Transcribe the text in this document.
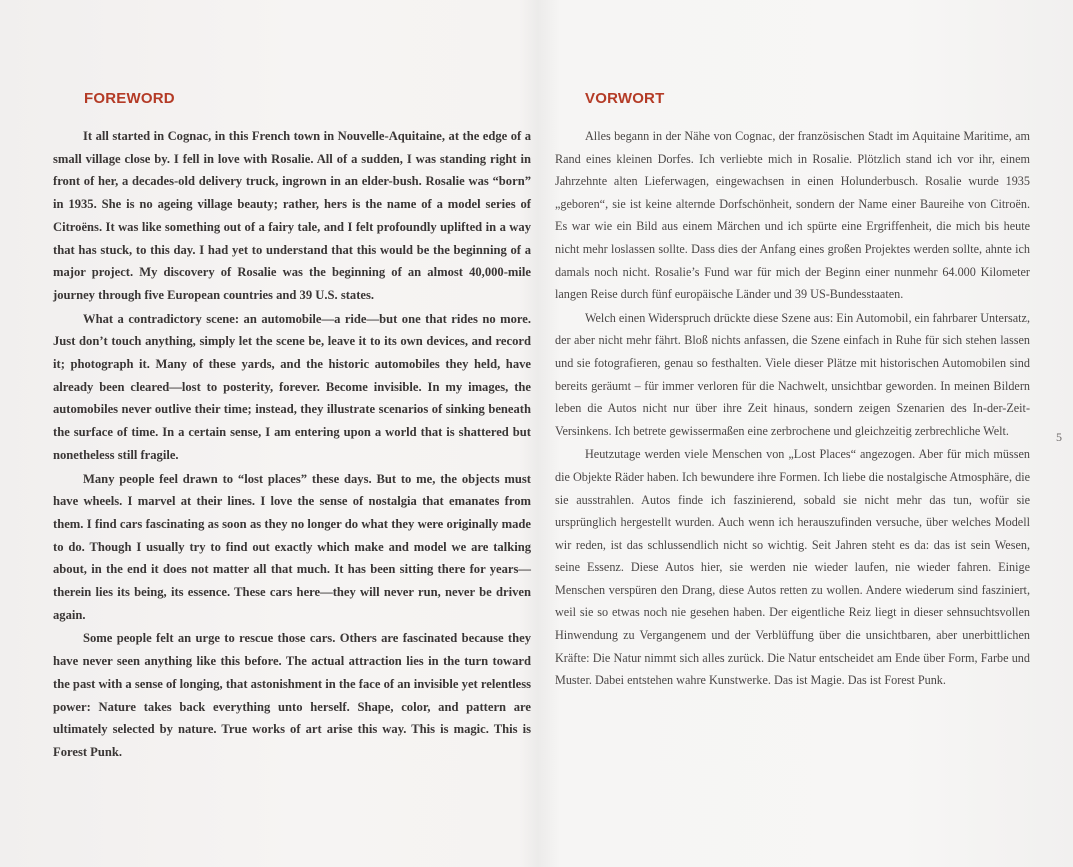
FOREWORD

It all started in Cognac, in this French town in Nouvelle-Aquitaine, at the edge of a small village close by. I fell in love with Rosalie. All of a sudden, I was standing right in front of her, a decades-old delivery truck, ingrown in an elder-bush. Rosalie was “born” in 1935. She is no ageing village beauty; rather, hers is the name of a model series of Citroëns. It was like something out of a fairy tale, and I felt profoundly uplifted in a way that has stuck, to this day. I had yet to understand that this would be the beginning of a major project. My discovery of Rosalie was the beginning of an almost 40,000-mile journey through five European countries and 39 U.S. states.

What a contradictory scene: an automobile—a ride—but one that rides no more. Just don’t touch anything, simply let the scene be, leave it to its own devices, and record it; photograph it. Many of these yards, and the historic automobiles they held, have already been cleared—lost to posterity, forever. Become invisible. In my images, the automobiles never outlive their time; instead, they illustrate scenarios of sinking beneath the surface of time. In a certain sense, I am entering upon a world that is shattered but nonetheless still fragile.

Many people feel drawn to “lost places” these days. But to me, the objects must have wheels. I marvel at their lines. I love the sense of nostalgia that emanates from them. I find cars fascinating as soon as they no longer do what they were originally made to do. Though I usually try to find out exactly which make and model we are talking about, in the end it does not matter all that much. It has been sitting there for years—therein lies its being, its essence. These cars here—they will never run, never be driven again.

Some people felt an urge to rescue those cars. Others are fascinated because they have never seen anything like this before. The actual attraction lies in the turn toward the past with a sense of longing, that astonishment in the face of an invisible yet relentless power: Nature takes back everything unto herself. Shape, color, and pattern are ultimately selected by nature. True works of art arise this way. This is magic. This is Forest Punk.

VORWORT

Alles begann in der Nähe von Cognac, der französischen Stadt im Aquitaine Maritime, am Rand eines kleinen Dorfes. Ich verliebte mich in Rosalie. Plötzlich stand ich vor ihr, einem Jahrzehnte alten Lieferwagen, eingewachsen in einen Holunderbusch. Rosalie wurde 1935 „geboren“, sie ist keine alternde Dorfschönheit, sondern der Name einer Baureihe von Citroën. Es war wie ein Bild aus einem Märchen und ich spürte eine Ergriffenheit, die mich bis heute nicht mehr loslassen sollte. Dass dies der Anfang eines großen Projektes werden sollte, ahnte ich damals noch nicht. Rosalie’s Fund war für mich der Beginn einer nunmehr 64.000 Kilometer langen Reise durch fünf europäische Länder und 39 US-Bundesstaaten.

Welch einen Widerspruch drückte diese Szene aus: Ein Automobil, ein fahrbarer Untersatz, der aber nicht mehr fährt. Bloß nichts anfassen, die Szene einfach in Ruhe für sich stehen lassen und sie fotografieren, genau so festhalten. Viele dieser Plätze mit historischen Automobilen sind bereits geräumt – für immer verloren für die Nachwelt, unsichtbar geworden. In meinen Bildern leben die Autos nicht nur über ihre Zeit hinaus, sondern zeigen Szenarien des In-der-Zeit-Versinkens. Ich betrete gewissermaßen eine zerbrochene und gleichzeitig zerbrechliche Welt.

Heutzutage werden viele Menschen von „Lost Places“ angezogen. Aber für mich müssen die Objekte Räder haben. Ich bewundere ihre Formen. Ich liebe die nostalgische Atmosphäre, die sie ausstrahlen. Autos finde ich faszinierend, sobald sie nicht mehr das tun, wofür sie ursprünglich hergestellt wurden. Auch wenn ich herauszufinden versuche, über welches Modell wir reden, ist das schlussendlich nicht so wichtig. Seit Jahren steht es da: das ist sein Wesen, seine Essenz. Diese Autos hier, sie werden nie wieder laufen, nie wieder fahren. Einige Menschen verspüren den Drang, diese Autos retten zu wollen. Andere wiederum sind fasziniert, weil sie so etwas noch nie gesehen haben. Der eigentliche Reiz liegt in dieser sehnsuchtsvollen Hinwendung zu Vergangenem und der Verblüffung über die unsichtbaren, aber unerbittlichen Kräfte: Die Natur nimmt sich alles zurück. Die Natur entscheidet am Ende über Form, Farbe und Muster. Dabei entstehen wahre Kunstwerke. Das ist Magie. Das ist Forest Punk.

5
